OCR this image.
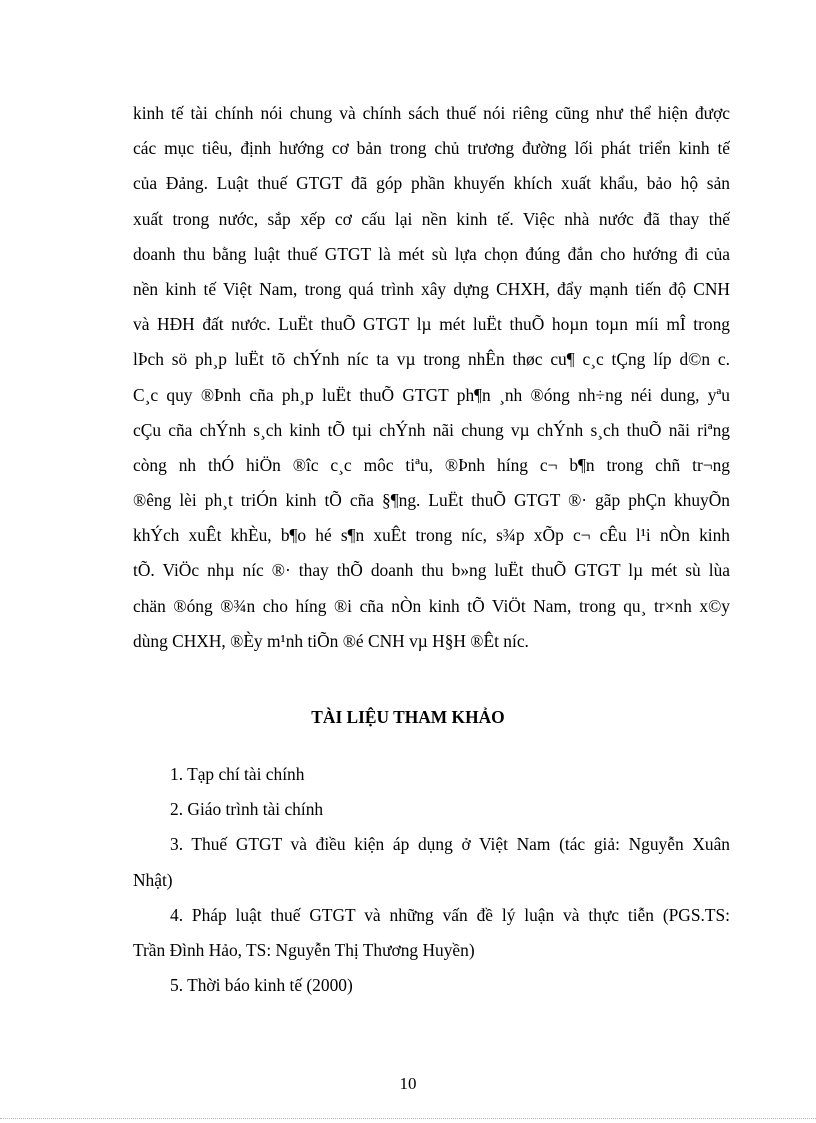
kinh tế tài chính nói chung và chính sách thuế nói riêng cũng như thể hiện được
các mục tiêu, định hướng cơ bản trong chủ trương đường lối phát triển kinh tế
của Đảng. Luật thuế GTGT đã góp phần khuyến khích xuất khẩu, bảo hộ sản
xuất trong nước, sắp xếp cơ cấu lại nền kinh tế. Việc nhà nước đã thay thế
doanh thu bằng luật thuế GTGT là mét sù lựa chọn đúng đắn cho hướng đi của
nền kinh tế Việt Nam, trong quá trình xây dựng CHXH, đẩy mạnh tiến độ CNH
và HĐH đất nước. LuËt thuÕ GTGT lµ mét luËt thuÕ hoµn toµn míi mÎ trong
lÞch sö ph¸p luËt tõ chÝnh níc ta vµ trong nhÊn thøc cu¶ c¸c tÇng líp d©n c.
C¸c quy ®Þnh cña ph¸p luËt thuÕ GTGT ph¶n ¸nh ®óng nh÷ng néi dung, yªu
cÇu cña chÝnh s¸ch kinh tÕ tµi chÝnh nãi chung vµ chÝnh s¸ch thuÕ nãi riªng
còng nh thÓ hiÖn ®îc c¸c môc tiªu, ®Þnh híng c¬ b¶n trong chñ tr¬ng
®êng lèi ph¸t triÓn kinh tÕ cña §¶ng. LuËt thuÕ GTGT ®· gãp phÇn khuyÕn
khÝch xuÊt khÈu, b¶o hé s¶n xuÊt trong níc, s¾p xÕp c¬ cÊu l¹i nÒn kinh
tÕ. ViÖc nhµ níc ®· thay thÕ doanh thu b»ng luËt thuÕ GTGT lµ mét sù lùa
chän ®óng ®¾n cho híng ®i cña nÒn kinh tÕ ViÖt Nam, trong qu¸ tr×nh x©y
dùng CHXH, ®Èy m¹nh tiÕn ®é CNH vµ H§H ®Êt níc.
TÀI LIỆU THAM KHẢO
1. Tạp chí tài chính
2. Giáo trình tài chính
3. Thuế GTGT và điều kiện áp dụng ở Việt Nam (tác giả: Nguyễn Xuân
Nhật)
4. Pháp luật thuế GTGT và những vấn đề lý luận và thực tiễn (PGS.TS:
Trần Đình Hảo, TS: Nguyễn Thị Thương Huyền)
5. Thời báo kinh tế (2000)
10
